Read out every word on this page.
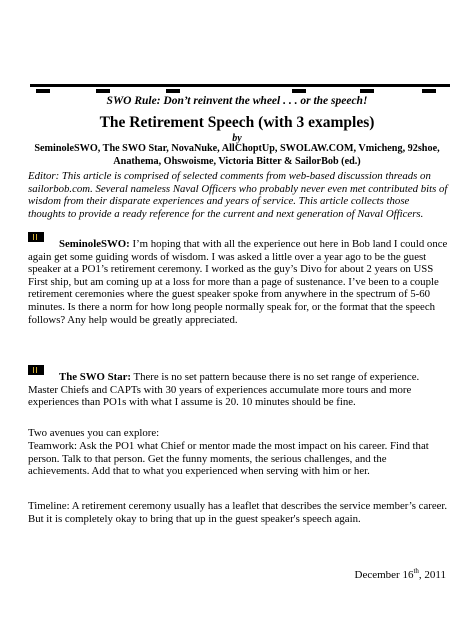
SWO Rule: Don’t reinvent the wheel . . . or the speech!
The Retirement Speech (with 3 examples)
by
SeminoleSWO, The SWO Star, NovaNuke, AllChoptUp, SWOLAW.COM, Vmicheng, 92shoe, Anathema, Ohswoisme, Victoria Bitter & SailorBob (ed.)
Editor: This article is comprised of selected comments from web-based discussion threads on sailorbob.com. Several nameless Naval Officers who probably never even met contributed bits of wisdom from their disparate experiences and years of service. This article collects those thoughts to provide a ready reference for the current and next generation of Naval Officers.
SeminoleSWO: I’m hoping that with all the experience out here in Bob land I could once again get some guiding words of wisdom. I was asked a little over a year ago to be the guest speaker at a PO1’s retirement ceremony. I worked as the guy’s Divo for about 2 years on USS First ship, but am coming up at a loss for more than a page of sustenance. I’ve been to a couple retirement ceremonies where the guest speaker spoke from anywhere in the spectrum of 5-60 minutes. Is there a norm for how long people normally speak for, or the format that the speech follows? Any help would be greatly appreciated.
The SWO Star: There is no set pattern because there is no set range of experience. Master Chiefs and CAPTs with 30 years of experiences accumulate more tours and more experiences than PO1s with what I assume is 20. 10 minutes should be fine.
Two avenues you can explore:
Teamwork: Ask the PO1 what Chief or mentor made the most impact on his career. Find that person. Talk to that person. Get the funny moments, the serious challenges, and the achievements. Add that to what you experienced when serving with him or her.
Timeline: A retirement ceremony usually has a leaflet that describes the service member’s career. But it is completely okay to bring that up in the guest speaker's speech again.
December 16th, 2011
